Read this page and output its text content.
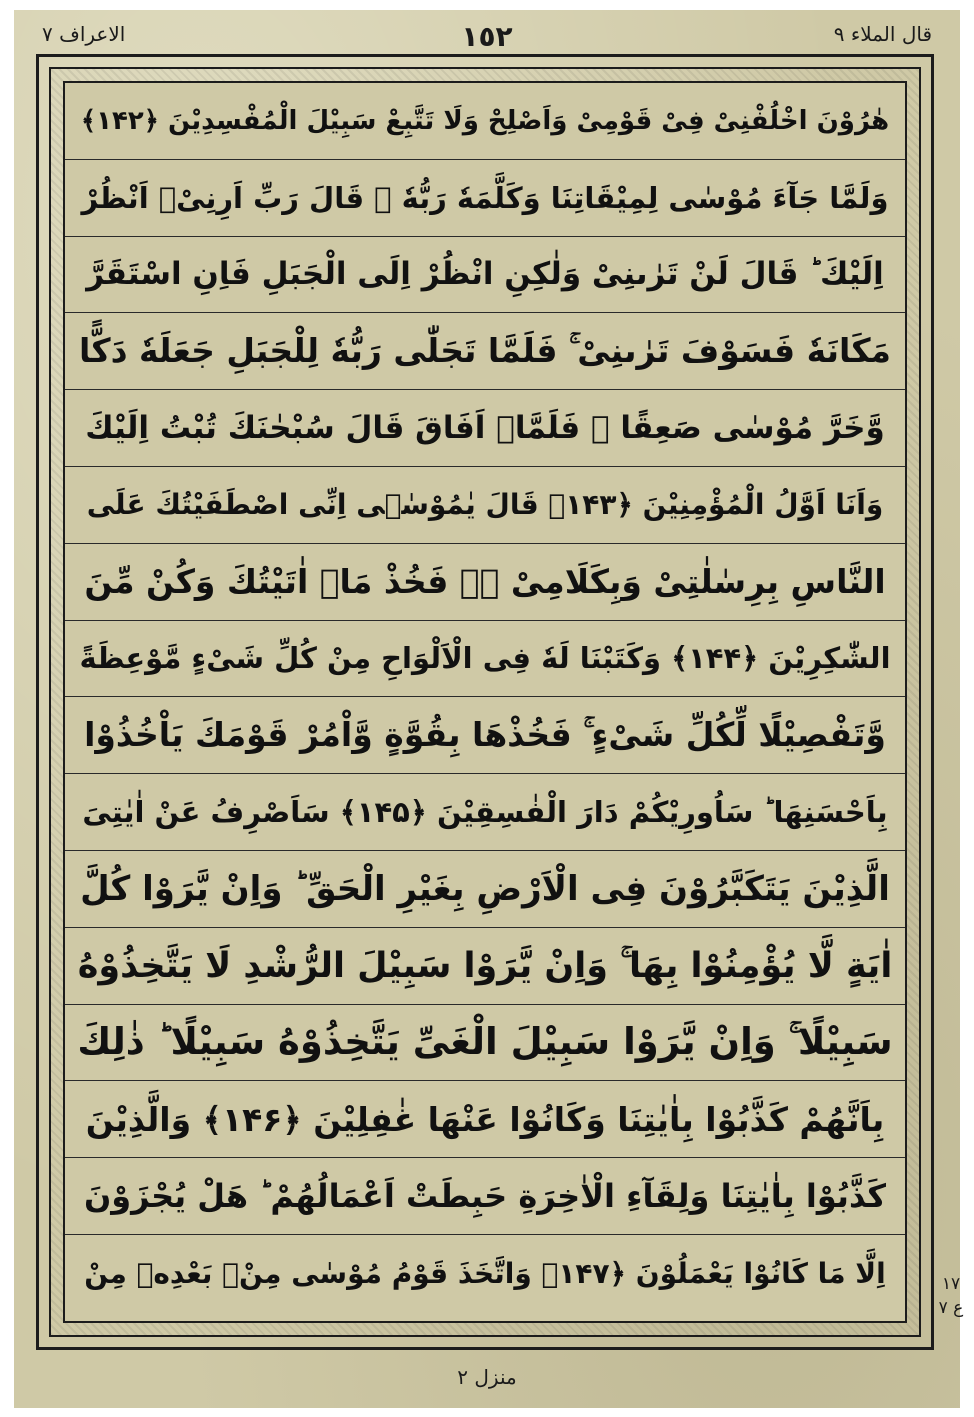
قال الملاء ٩
١٥٢
الاعراف ٧
هٰرُوْنَ اخْلُفْنِیْ فِیْ قَوْمِیْ وَاَصْلِحْ وَلَا تَتَّبِعْ سَبِیْلَ الْمُفْسِدِیْنَ ﴿۱۴۲﴾
وَلَمَّا جَآءَ مُوْسٰی لِمِیْقَاتِنَا وَكَلَّمَهٗ رَبُّهٗ ۙ قَالَ رَبِّ اَرِنِیْۤ اَنْظُرْ
اِلَیْكَ ؕ قَالَ لَنْ تَرٰىنِیْ وَلٰكِنِ انْظُرْ اِلَى الْجَبَلِ فَاِنِ اسْتَقَرَّ
مَكَانَهٗ فَسَوْفَ تَرٰىنِیْ ۚ فَلَمَّا تَجَلّٰی رَبُّهٗ لِلْجَبَلِ جَعَلَهٗ دَكًّا
وَّخَرَّ مُوْسٰی صَعِقًا ۚ فَلَمَّاۤ اَفَاقَ قَالَ سُبْحٰنَكَ تُبْتُ اِلَیْكَ
وَاَنَا اَوَّلُ الْمُؤْمِنِیْنَ ﴿۱۴۳﴾ قَالَ یٰمُوْسٰۤی اِنِّی اصْطَفَیْتُكَ عَلَی
النَّاسِ بِرِسٰلٰتِیْ وَبِكَلَامِیْ ۖ٘ فَخُذْ مَاۤ اٰتَیْتُكَ وَكُنْ مِّنَ
الشّٰكِرِیْنَ ﴿۱۴۴﴾ وَكَتَبْنَا لَهٗ فِی الْاَلْوَاحِ مِنْ كُلِّ شَیْءٍ مَّوْعِظَةً
وَّتَفْصِیْلًا لِّكُلِّ شَیْءٍ ۚ فَخُذْهَا بِقُوَّةٍ وَّاْمُرْ قَوْمَكَ یَاْخُذُوْا
بِاَحْسَنِهَا ؕ سَاُورِیْكُمْ دَارَ الْفٰسِقِیْنَ ﴿۱۴۵﴾ سَاَصْرِفُ عَنْ اٰیٰتِیَ
الَّذِیْنَ یَتَكَبَّرُوْنَ فِی الْاَرْضِ بِغَیْرِ الْحَقِّ ؕ وَاِنْ یَّرَوْا كُلَّ
اٰیَةٍ لَّا یُؤْمِنُوْا بِهَا ۚ وَاِنْ یَّرَوْا سَبِیْلَ الرُّشْدِ لَا یَتَّخِذُوْهُ
سَبِیْلًا ۚ وَاِنْ یَّرَوْا سَبِیْلَ الْغَیِّ یَتَّخِذُوْهُ سَبِیْلًا ؕ ذٰلِكَ
بِاَنَّهُمْ كَذَّبُوْا بِاٰیٰتِنَا وَكَانُوْا عَنْهَا غٰفِلِیْنَ ﴿۱۴۶﴾ وَالَّذِیْنَ
كَذَّبُوْا بِاٰیٰتِنَا وَلِقَآءِ الْاٰخِرَةِ حَبِطَتْ اَعْمَالُهُمْ ؕ هَلْ یُجْزَوْنَ
اِلَّا مَا كَانُوْا یَعْمَلُوْنَ ﴿۱۴۷﴾ وَاتَّخَذَ قَوْمُ مُوْسٰی مِنْۢ بَعْدِهٖ مِنْ	١٧ ع ٧
منزل ٢
